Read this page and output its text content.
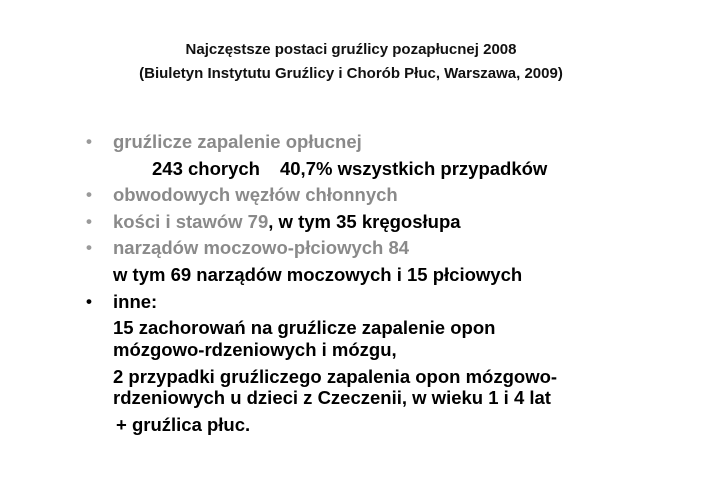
Najczęstsze postaci gruźlicy pozapłucnej 2008
(Biuletyn Instytutu Gruźlicy i Chorób Płuc, Warszawa, 2009)
• gruźlicze zapalenie opłucnej
243 chorych 40,7% wszystkich przypadków
• obwodowych węzłów chłonnych
• kości i stawów 79, w tym 35 kręgosłupa
• narządów moczowo-płciowych 84
w tym 69 narządów moczowych i 15 płciowych
• inne:
15 zachorowań na gruźlicze zapalenie opon
mózgowo-rdzeniowych i mózgu,
2 przypadki gruźliczego zapalenia opon mózgowo-
rdzeniowych u dzieci z Czeczenii, w wieku 1 i 4 lat
+ gruźlica płuc.
